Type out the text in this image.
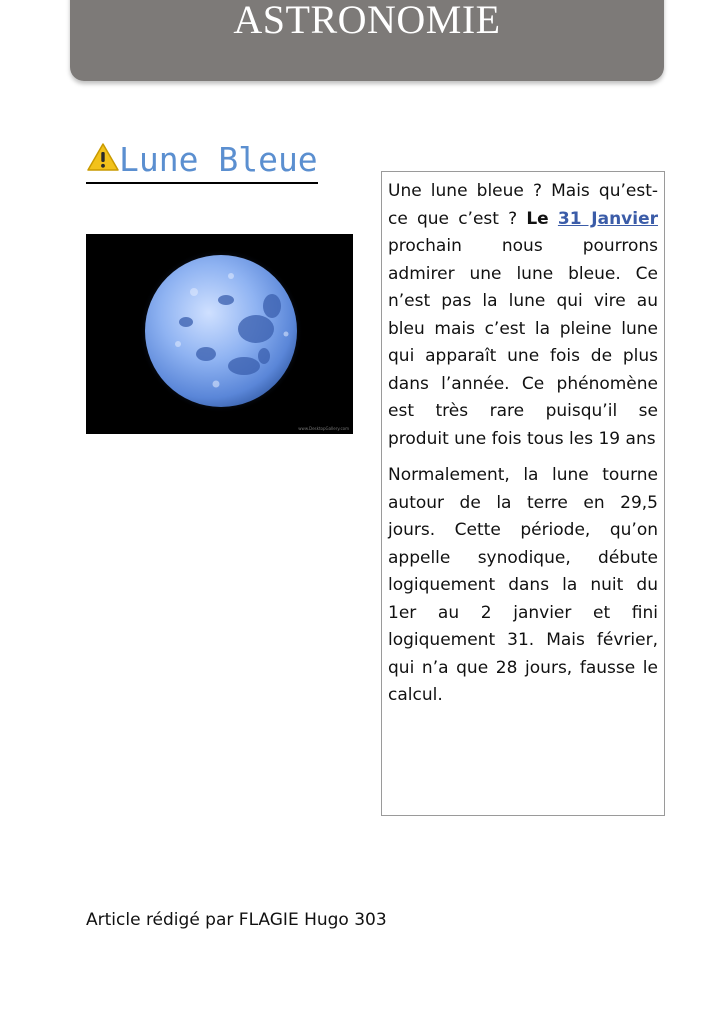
ASTRONOMIE
Lune Bleue
www.DesktopGallery.com

Une lune bleue ? Mais qu’est-ce que c’est ? Le 31 Janvier prochain nous pourrons admirer une lune bleue. Ce n’est pas la lune qui vire au bleu mais c’est la pleine lune qui apparaît une fois de plus dans l’année. Ce phénomène est très rare puisqu’il se produit une fois tous les 19 ans

Normalement, la lune tourne autour de la terre en 29,5 jours. Cette période, qu’on appelle synodique, débute logiquement dans la nuit du 1er au 2 janvier et fini logiquement 31. Mais février, qui n’a que 28 jours, fausse le calcul.

Article rédigé par FLAGIE Hugo 303
